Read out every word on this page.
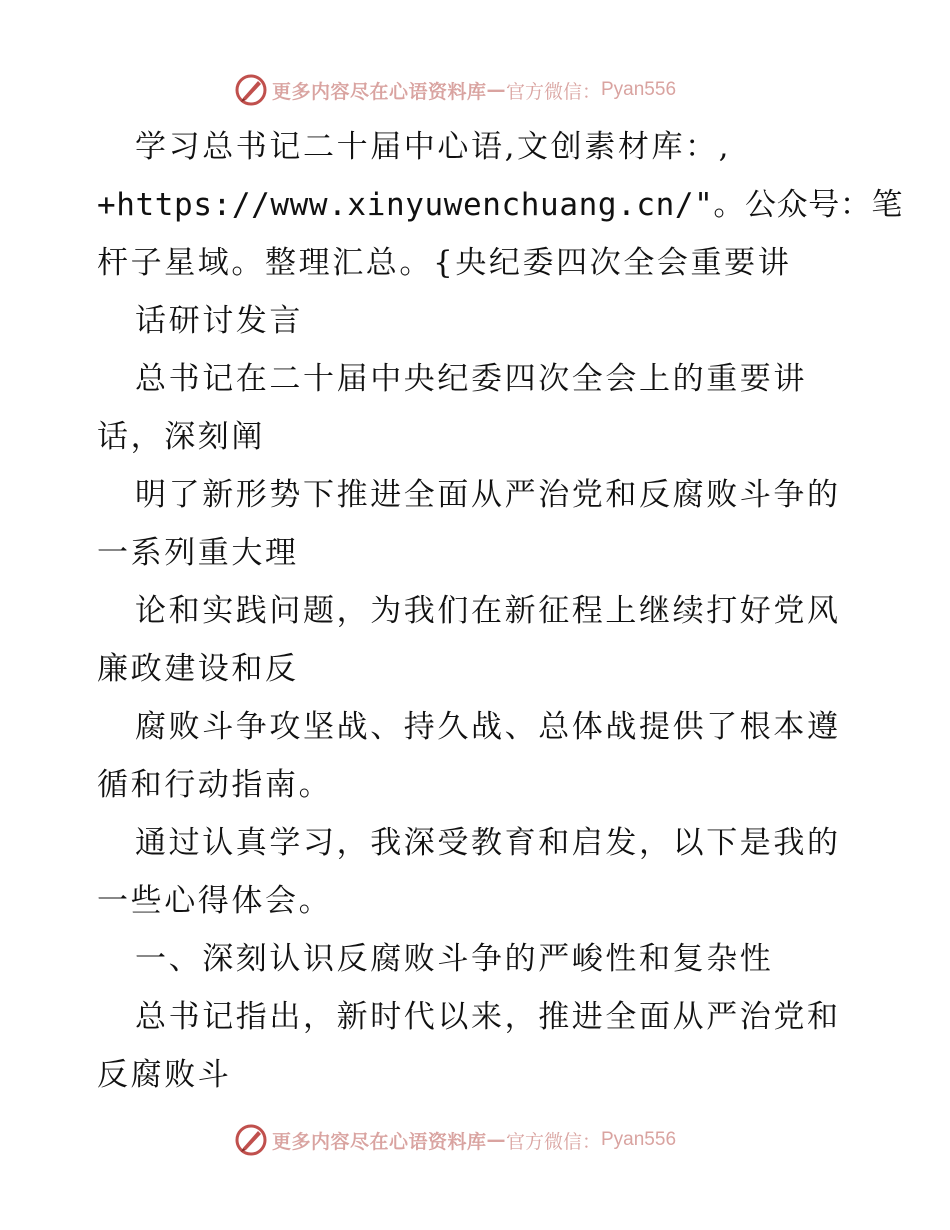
更多内容尽在心语资料库 — 官方微信： Pyan556
学习总书记二十届中心语,文创素材库：,
+https://www.xinyuwenchuang.cn/"。公众号：笔
杆子星域。整理汇总。{央纪委四次全会重要讲
话研讨发言
总书记在二十届中央纪委四次全会上的重要讲
话，深刻阐
明了新形势下推进全面从严治党和反腐败斗争的
一系列重大理
论和实践问题，为我们在新征程上继续打好党风
廉政建设和反
腐败斗争攻坚战、持久战、总体战提供了根本遵
循和行动指南。
通过认真学习，我深受教育和启发，以下是我的
一些心得体会。
一、深刻认识反腐败斗争的严峻性和复杂性
总书记指出，新时代以来，推进全面从严治党和
反腐败斗
更多内容尽在心语资料库 — 官方微信： Pyan556
